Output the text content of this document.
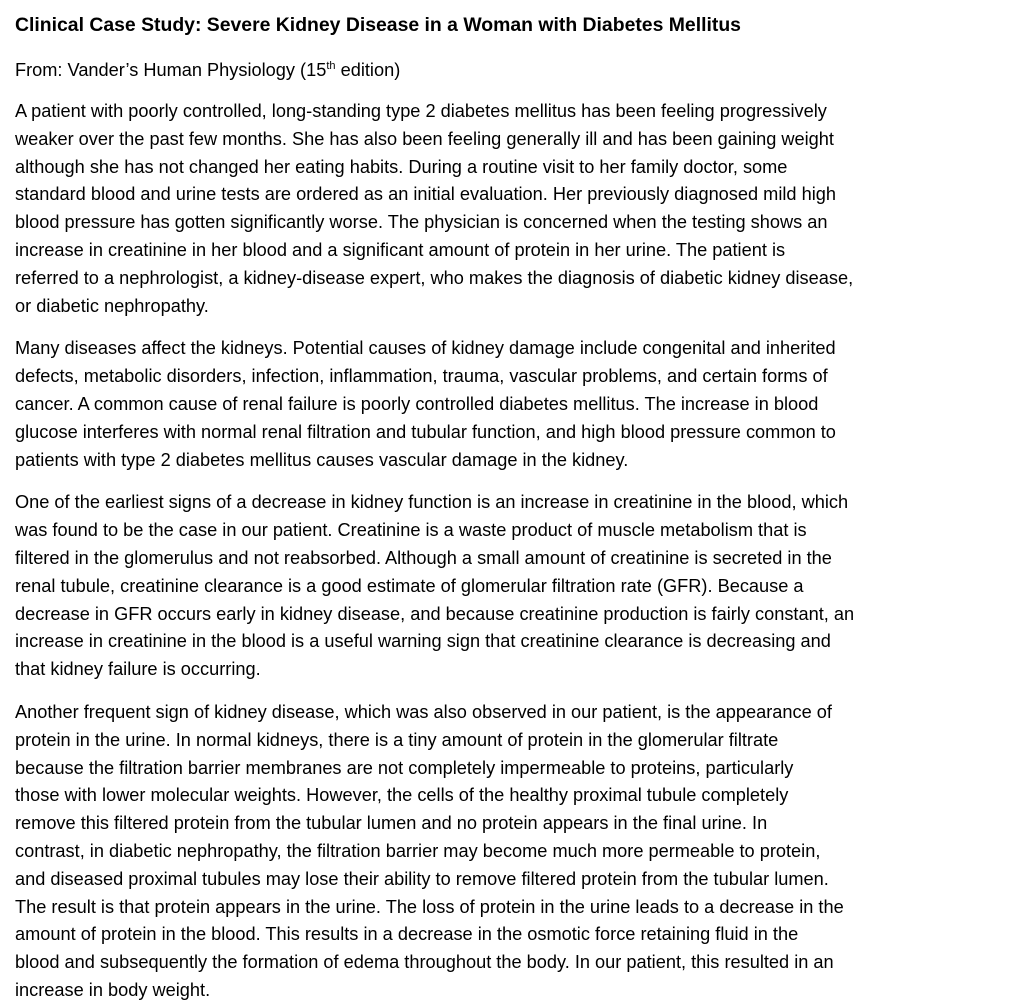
Clinical Case Study: Severe Kidney Disease in a Woman with Diabetes Mellitus
From: Vander’s Human Physiology (15th edition)
A patient with poorly controlled, long-standing type 2 diabetes mellitus has been feeling progressively
weaker over the past few months. She has also been feeling generally ill and has been gaining weight
although she has not changed her eating habits. During a routine visit to her family doctor, some
standard blood and urine tests are ordered as an initial evaluation. Her previously diagnosed mild high
blood pressure has gotten significantly worse. The physician is concerned when the testing shows an
increase in creatinine in her blood and a significant amount of protein in her urine. The patient is
referred to a nephrologist, a kidney-disease expert, who makes the diagnosis of diabetic kidney disease,
or diabetic nephropathy.
Many diseases affect the kidneys. Potential causes of kidney damage include congenital and inherited
defects, metabolic disorders, infection, inflammation, trauma, vascular problems, and certain forms of
cancer. A common cause of renal failure is poorly controlled diabetes mellitus. The increase in blood
glucose interferes with normal renal filtration and tubular function, and high blood pressure common to
patients with type 2 diabetes mellitus causes vascular damage in the kidney.
One of the earliest signs of a decrease in kidney function is an increase in creatinine in the blood, which
was found to be the case in our patient. Creatinine is a waste product of muscle metabolism that is
filtered in the glomerulus and not reabsorbed. Although a small amount of creatinine is secreted in the
renal tubule, creatinine clearance is a good estimate of glomerular filtration rate (GFR). Because a
decrease in GFR occurs early in kidney disease, and because creatinine production is fairly constant, an
increase in creatinine in the blood is a useful warning sign that creatinine clearance is decreasing and
that kidney failure is occurring.
Another frequent sign of kidney disease, which was also observed in our patient, is the appearance of
protein in the urine. In normal kidneys, there is a tiny amount of protein in the glomerular filtrate
because the filtration barrier membranes are not completely impermeable to proteins, particularly
those with lower molecular weights. However, the cells of the healthy proximal tubule completely
remove this filtered protein from the tubular lumen and no protein appears in the final urine. In
contrast, in diabetic nephropathy, the filtration barrier may become much more permeable to protein,
and diseased proximal tubules may lose their ability to remove filtered protein from the tubular lumen.
The result is that protein appears in the urine. The loss of protein in the urine leads to a decrease in the
amount of protein in the blood. This results in a decrease in the osmotic force retaining fluid in the
blood and subsequently the formation of edema throughout the body. In our patient, this resulted in an
increase in body weight.
